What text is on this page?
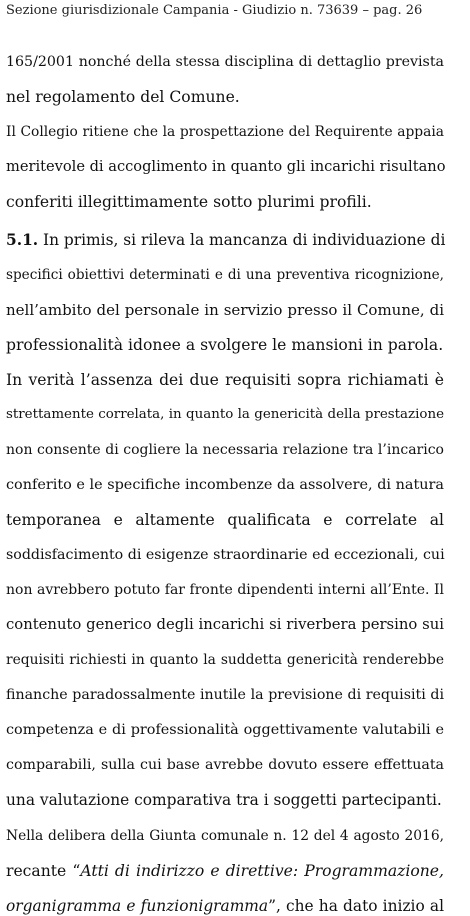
Sezione giurisdizionale Campania - Giudizio n. 73639 – pag. 26
165/2001 nonché della stessa disciplina di dettaglio prevista
nel regolamento del Comune.
Il Collegio ritiene che la prospettazione del Requirente appaia
meritevole di accoglimento in quanto gli incarichi risultano
conferiti illegittimamente sotto plurimi profili.
5.1. In primis, si rileva la mancanza di individuazione di
specifici obiettivi determinati e di una preventiva ricognizione,
nell’ambito del personale in servizio presso il Comune, di
professionalità idonee a svolgere le mansioni in parola.
In verità l’assenza dei due requisiti sopra richiamati è
strettamente correlata, in quanto la genericità della prestazione
non consente di cogliere la necessaria relazione tra l’incarico
conferito e le specifiche incombenze da assolvere, di natura
temporanea e altamente qualificata e correlate al
soddisfacimento di esigenze straordinarie ed eccezionali, cui
non avrebbero potuto far fronte dipendenti interni all’Ente. Il
contenuto generico degli incarichi si riverbera persino sui
requisiti richiesti in quanto la suddetta genericità renderebbe
finanche paradossalmente inutile la previsione di requisiti di
competenza e di professionalità oggettivamente valutabili e
comparabili, sulla cui base avrebbe dovuto essere effettuata
una valutazione comparativa tra i soggetti partecipanti.
Nella delibera della Giunta comunale n. 12 del 4 agosto 2016,
recante “Atti di indirizzo e direttive: Programmazione,
organigramma e funzionigramma”, che ha dato inizio al
